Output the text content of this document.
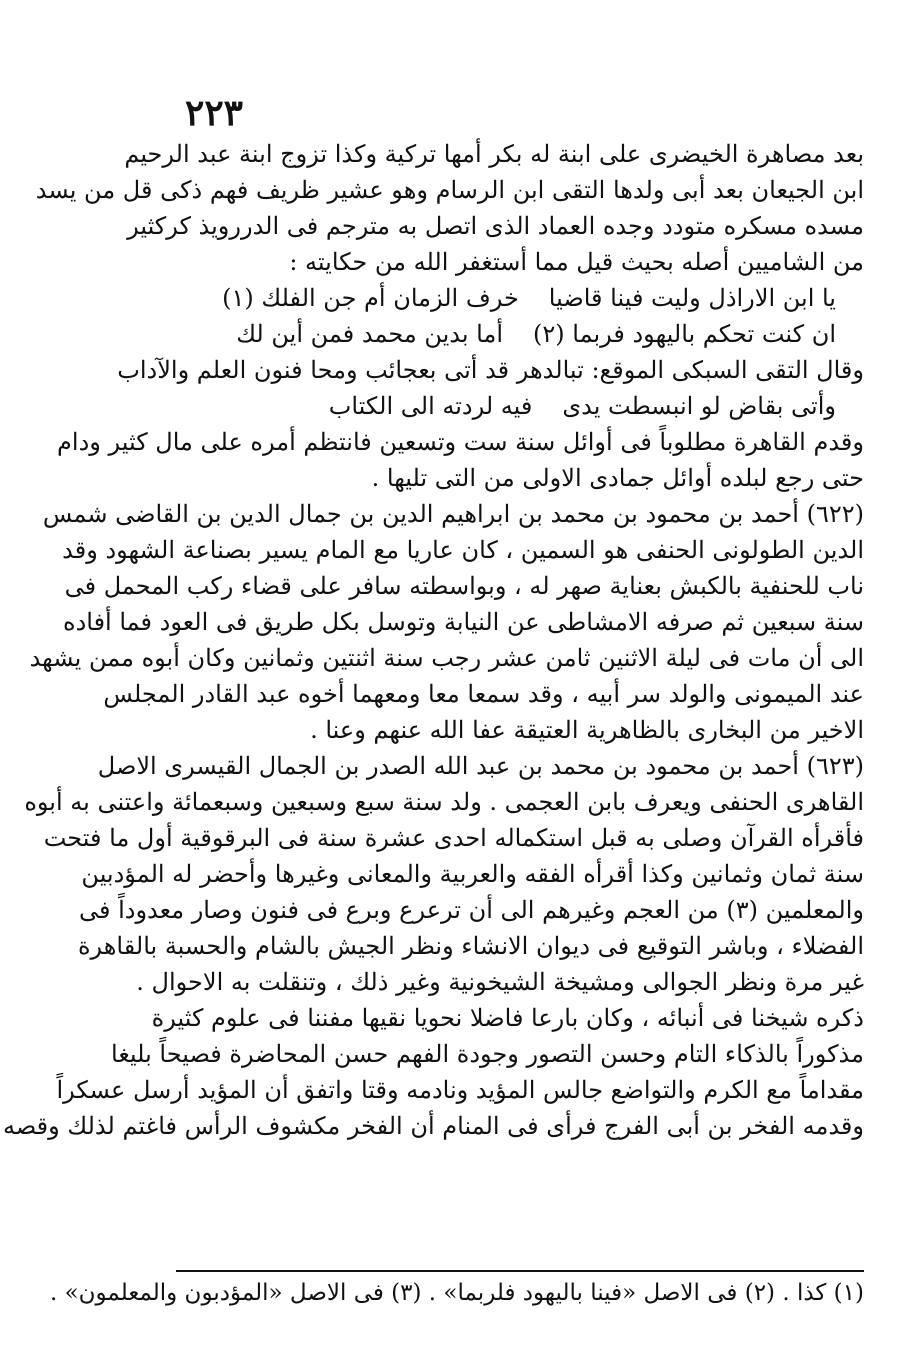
٢٢٣
بعد مصاهرة الخيضرى على ابنة له بكر أمها تركية وكذا تزوج ابنة عبد الرحيم
ابن الجيعان بعد أبى ولدها التقى ابن الرسام وهو عشير ظريف فهم ذكى قل من يسد
مسده مسكره متودد وجده العماد الذى اتصل به مترجم فى الدررويذ كركثير
من الشاميين أصله بحيث قيل مما أستغفر الله من حكايته :
يا ابن الاراذل وليت فينا قاضيا
خرف الزمان أم جن الفلك (١)
ان كنت تحكم باليهود فربما (٢)
أما بدين محمد فمن أين لك
وقال التقى السبكى الموقع: تبالدهر قد أتى بعجائب ومحا فنون العلم والآداب
وأتى بقاض لو انبسطت يدى
فيه لردته الى الكتاب
وقدم القاهرة مطلوباً فى أوائل سنة ست وتسعين فانتظم أمره على مال كثير ودام
حتى رجع لبلده أوائل جمادى الاولى من التى تليها .
(٦٢٢) أحمد بن محمود بن محمد بن ابراهيم الدين بن جمال الدين بن القاضى شمس
الدين الطولونى الحنفى هو السمين ، كان عاريا مع المام يسير بصناعة الشهود وقد
ناب للحنفية بالكبش بعناية صهر له ، وبواسطته سافر على قضاء ركب المحمل فى
سنة سبعين ثم صرفه الامشاطى عن النيابة وتوسل بكل طريق فى العود فما أفاده
الى أن مات فى ليلة الاثنين ثامن عشر رجب سنة اثنتين وثمانين وكان أبوه ممن يشهد
عند الميمونى والولد سر أبيه ، وقد سمعا معا ومعهما أخوه عبد القادر المجلس
الاخير من البخارى بالظاهرية العتيقة عفا الله عنهم وعنا .
(٦٢٣) أحمد بن محمود بن محمد بن عبد الله الصدر بن الجمال القيسرى الاصل
القاهرى الحنفى ويعرف بابن العجمى . ولد سنة سبع وسبعين وسبعمائة واعتنى به أبوه
فأقرأه القرآن وصلى به قبل استكماله احدى عشرة سنة فى البرقوقية أول ما فتحت
سنة ثمان وثمانين وكذا أقرأه الفقه والعربية والمعانى وغيرها وأحضر له المؤدبين
والمعلمين (٣) من العجم وغيرهم الى أن ترعرع وبرع فى فنون وصار معدوداً فى
الفضلاء ، وباشر التوقيع فى ديوان الانشاء ونظر الجيش بالشام والحسبة بالقاهرة
غير مرة ونظر الجوالى ومشيخة الشيخونية وغير ذلك ، وتنقلت به الاحوال .
ذكره شيخنا فى أنبائه ، وكان بارعا فاضلا نحويا نقيها مفننا فى علوم كثيرة
مذكوراً بالذكاء التام وحسن التصور وجودة الفهم حسن المحاضرة فصيحاً بليغا
مقداماً مع الكرم والتواضع جالس المؤيد ونادمه وقتا واتفق أن المؤيد أرسل عسكراً
وقدمه الفخر بن أبى الفرج فرأى فى المنام أن الفخر مكشوف الرأس فاغتم لذلك وقصه
(١) كذا . (٢) فى الاصل «فينا باليهود فلربما» . (٣) فى الاصل «المؤدبون والمعلمون» .
